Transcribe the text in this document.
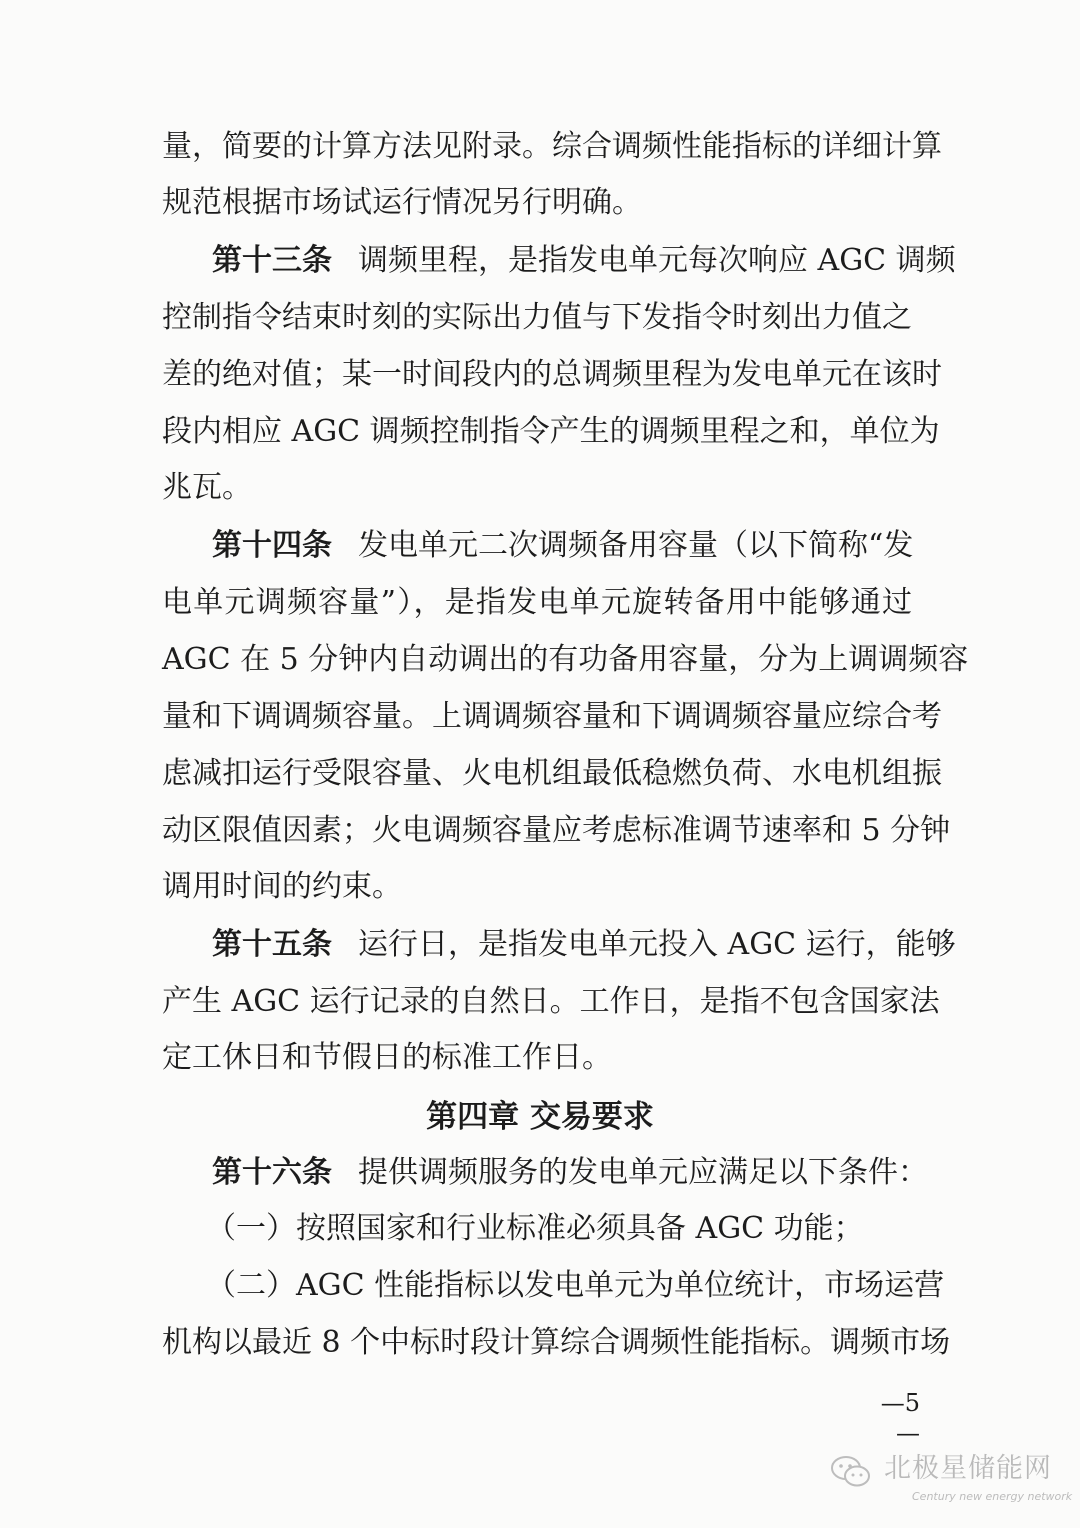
量，简要的计算方法见附录。综合调频性能指标的详细计算
规范根据市场试运行情况另行明确。
第十三条 调频里程，是指发电单元每次响应 AGC 调频
控制指令结束时刻的实际出力值与下发指令时刻出力值之
差的绝对值；某一时间段内的总调频里程为发电单元在该时
段内相应 AGC 调频控制指令产生的调频里程之和，单位为
兆瓦。
第十四条 发电单元二次调频备用容量（以下简称“发
电单元调频容量”），是指发电单元旋转备用中能够通过
AGC 在 5 分钟内自动调出的有功备用容量，分为上调调频容
量和下调调频容量。上调调频容量和下调调频容量应综合考
虑减扣运行受限容量、火电机组最低稳燃负荷、水电机组振
动区限值因素；火电调频容量应考虑标准调节速率和 5 分钟
调用时间的约束。
第十五条 运行日，是指发电单元投入 AGC 运行，能够
产生 AGC 运行记录的自然日。工作日，是指不包含国家法
定工休日和节假日的标准工作日。
第四章 交易要求
第十六条 提供调频服务的发电单元应满足以下条件：
（一）按照国家和行业标准必须具备 AGC 功能；
（二）AGC 性能指标以发电单元为单位统计，市场运营
机构以最近 8 个中标时段计算综合调频性能指标。调频市场
—5—
北极星储能网
Century new energy network
